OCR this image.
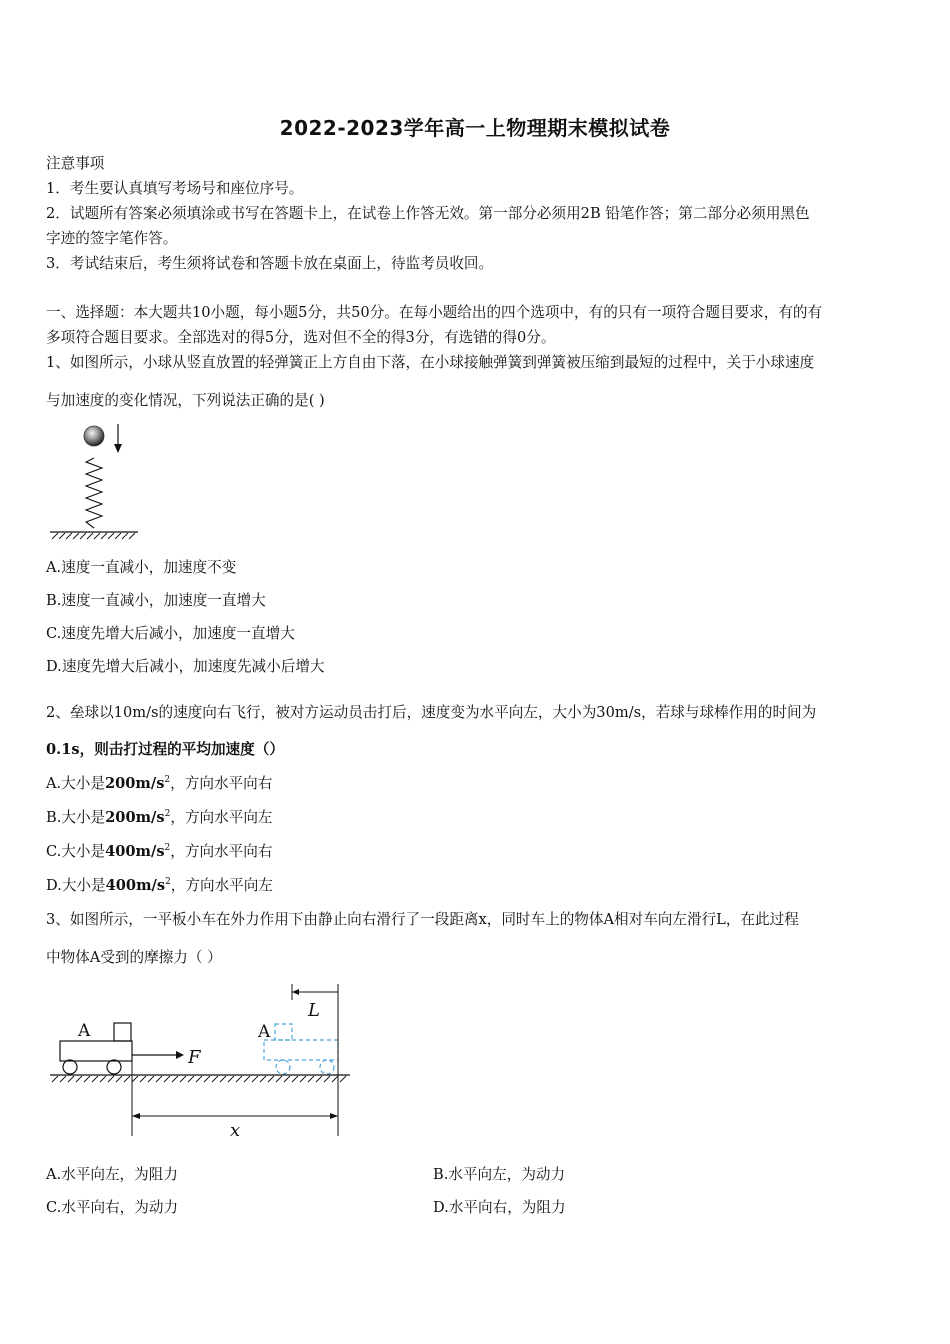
2022-2023学年高一上物理期末模拟试卷
注意事项
1．考生要认真填写考场号和座位序号。
2．试题所有答案必须填涂或书写在答题卡上，在试卷上作答无效。第一部分必须用2B 铅笔作答；第二部分必须用黑色
字迹的签字笔作答。
3．考试结束后，考生须将试卷和答题卡放在桌面上，待监考员收回。
一、选择题：本大题共10小题，每小题5分，共50分。在每小题给出的四个选项中，有的只有一项符合题目要求，有的有
多项符合题目要求。全部选对的得5分，选对但不全的得3分，有选错的得0分。
1、如图所示，小球从竖直放置的轻弹簧正上方自由下落，在小球接触弹簧到弹簧被压缩到最短的过程中，关于小球速度
与加速度的变化情况，下列说法正确的是( )
A.速度一直减小，加速度不变
B.速度一直减小，加速度一直增大
C.速度先增大后减小，加速度一直增大
D.速度先增大后减小，加速度先减小后增大
2、垒球以10m/s的速度向右飞行，被对方运动员击打后，速度变为水平向左，大小为30m/s，若球与球棒作用的时间为
0.1s，则击打过程的平均加速度（）
A.大小是$200m/s^2$，方向水平向右
B.大小是$200m/s^2$，方向水平向左
C.大小是$400m/s^2$，方向水平向右
D.大小是$400m/s^2$，方向水平向左
3、如图所示，一平板小车在外力作用下由静止向右滑行了一段距离x，同时车上的物体A相对车向左滑行L，在此过程
中物体A受到的摩擦力（ ）
L
A
F
A
x
A.水平向左，为阻力	B.水平向左，为动力
C.水平向右，为动力	D.水平向右，为阻力
